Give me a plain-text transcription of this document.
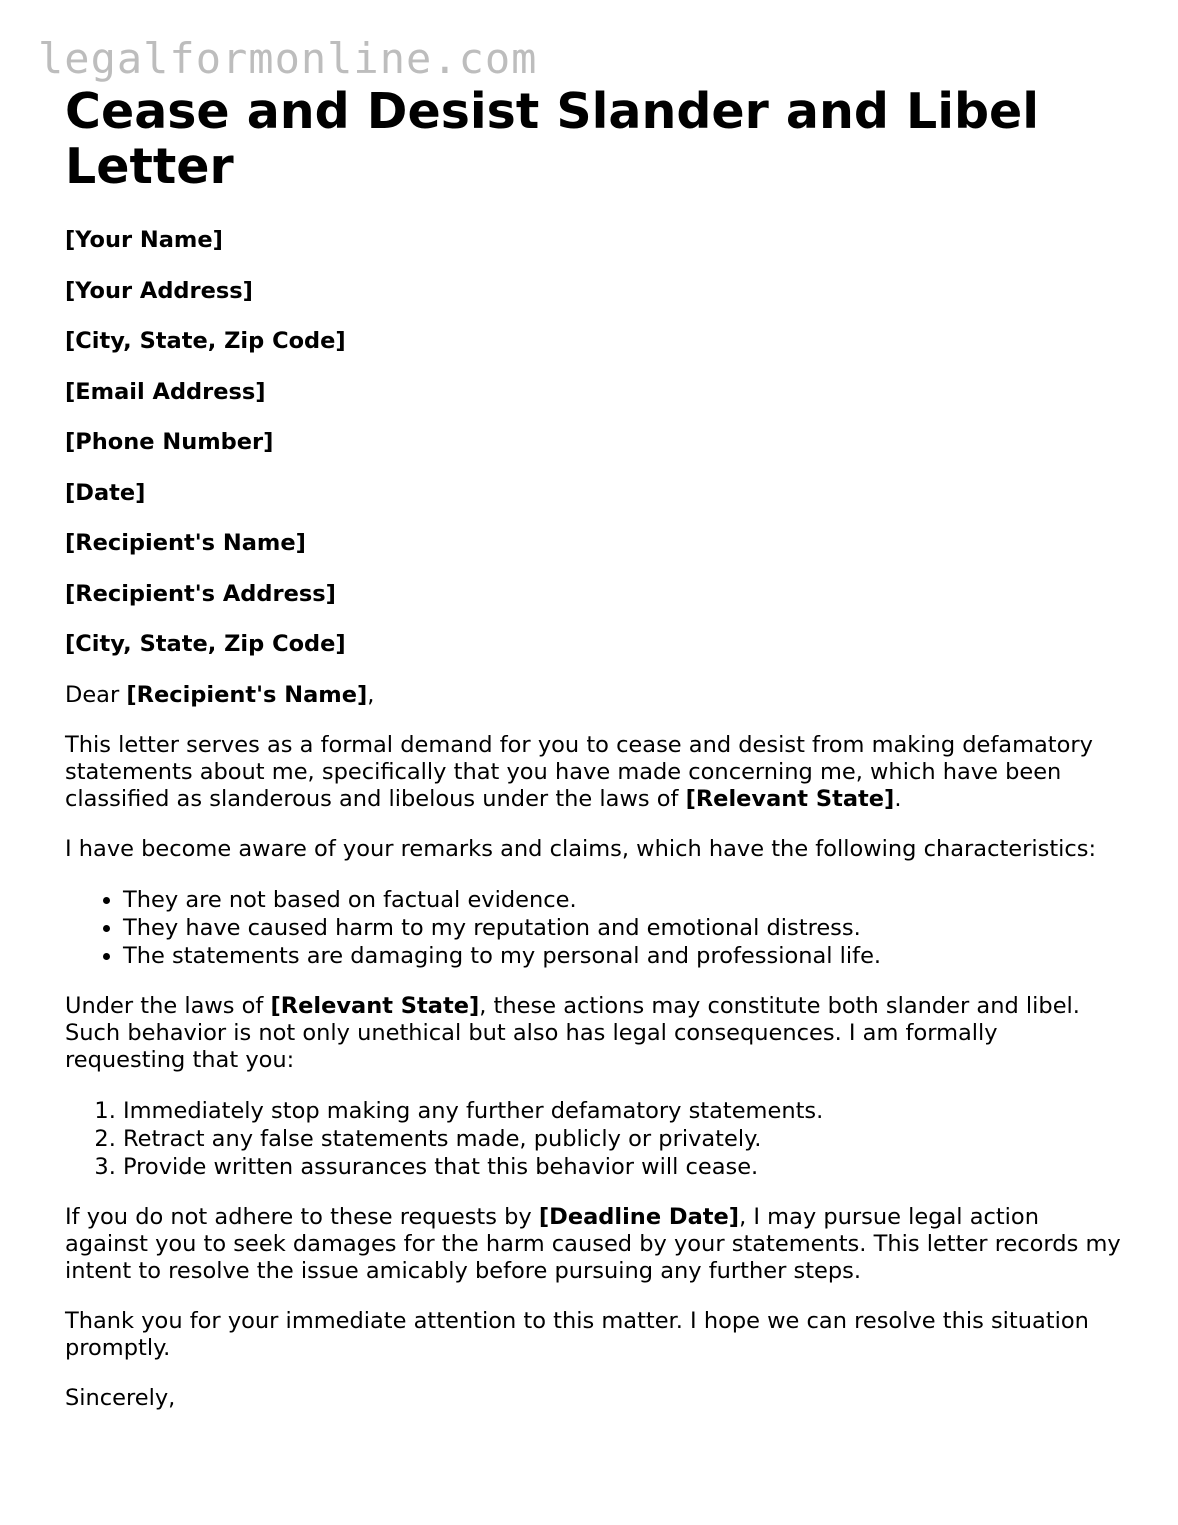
legalformonline.com
Cease and Desist Slander and Libel Letter

[Your Name]

[Your Address]

[City, State, Zip Code]

[Email Address]

[Phone Number]

[Date]

[Recipient's Name]

[Recipient's Address]

[City, State, Zip Code]

Dear [Recipient's Name],

This letter serves as a formal demand for you to cease and desist from making defamatory statements about me, specifically that you have made concerning me, which have been classified as slanderous and libelous under the laws of [Relevant State].

I have become aware of your remarks and claims, which have the following characteristics:

• They are not based on factual evidence.
• They have caused harm to my reputation and emotional distress.
• The statements are damaging to my personal and professional life.

Under the laws of [Relevant State], these actions may constitute both slander and libel. Such behavior is not only unethical but also has legal consequences. I am formally requesting that you:

1. Immediately stop making any further defamatory statements.
2. Retract any false statements made, publicly or privately.
3. Provide written assurances that this behavior will cease.

If you do not adhere to these requests by [Deadline Date], I may pursue legal action against you to seek damages for the harm caused by your statements. This letter records my intent to resolve the issue amicably before pursuing any further steps.

Thank you for your immediate attention to this matter. I hope we can resolve this situation promptly.

Sincerely,
